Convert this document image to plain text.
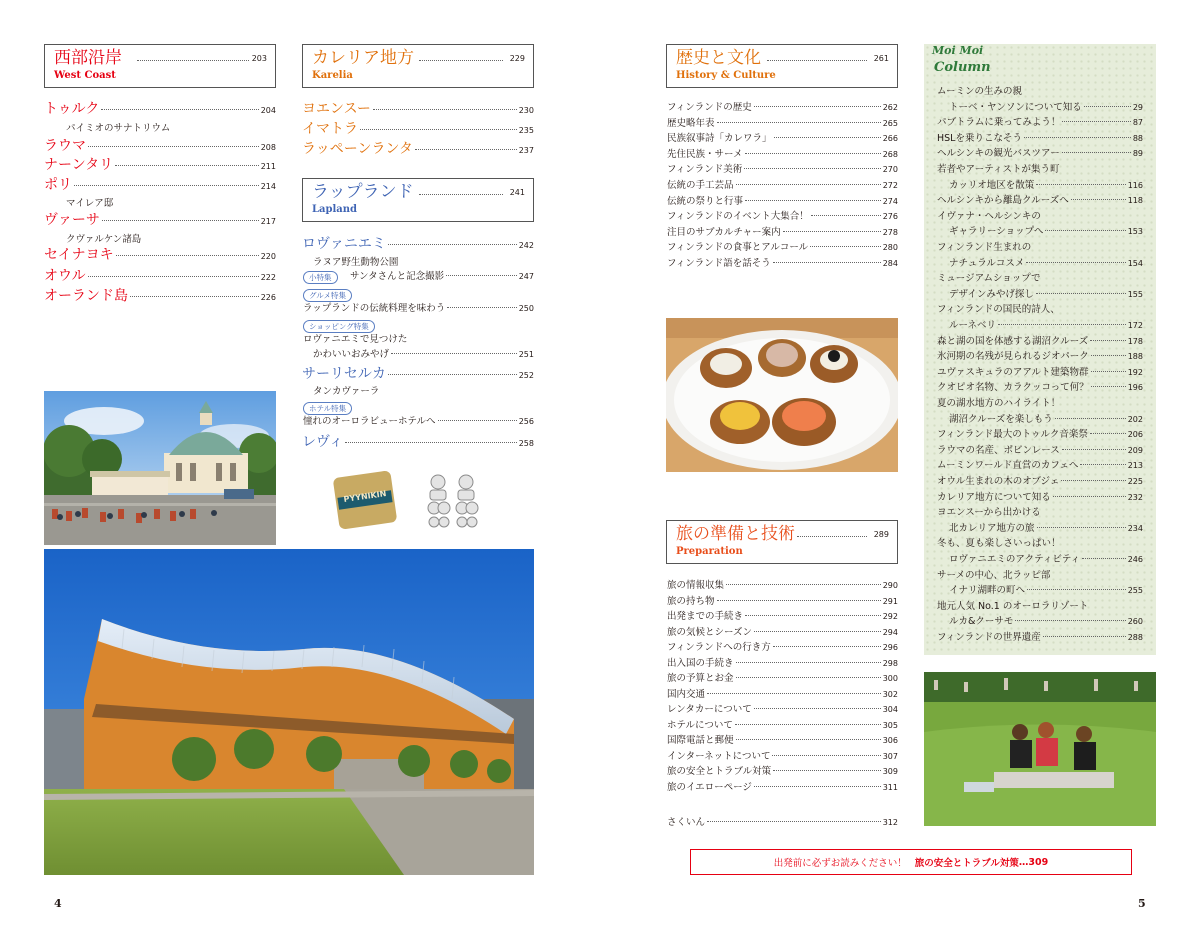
西部沿岸	203
West Coast
カレリア地方	229
Karelia
ラップランド	241
Lapland
PYYNIKIN
4
歴史と文化	261
History & Culture
旅の準備と技術	289
Preparation
Moi Moi
Column
出発前に必ずお読みください！ 旅の安全とトラブル対策 …309
5
トゥルク	204
パイミオのサナトリウム
ラウマ	208
ナーンタリ	211
ポリ	214
マイレア邸
ヴァーサ	217
クヴァルケン諸島
セイナヨキ	220
オウル	222
オーランド島	226
ヨエンスー	230
イマトラ	235
ラッペーンランタ	237
ロヴァニエミ	242
ラヌア野生動物公園
小特集	サンタさんと記念撮影	247
グルメ特集
ラップランドの伝統料理を味わう	250
ショッピング特集
ロヴァニエミで見つけた
かわいいおみやげ	251
サーリセルカ	252
タンカヴァーラ
ホテル特集
憧れのオーロラビューホテルへ	256
レヴィ	258
フィンランドの歴史	262
歴史略年表	265
民族叙事詩「カレワラ」	266
先住民族・サーメ	268
フィンランド美術	270
伝統の手工芸品	272
伝統の祭りと行事	274
フィンランドのイベント大集合！	276
注目のサブカルチャー案内	278
フィンランドの食事とアルコール	280
フィンランド語を話そう	284
旅の情報収集	290
旅の持ち物	291
出発までの手続き	292
旅の気候とシーズン	294
フィンランドへの行き方	296
出入国の手続き	298
旅の予算とお金	300
国内交通	302
レンタカーについて	304
ホテルについて	305
国際電話と郵便	306
インターネットについて	307
旅の安全とトラブル対策	309
旅のイエローページ	311
さくいん	312
ムーミンの生みの親
トーベ・ヤンソンについて知る	29
パブトラムに乗ってみよう！	87
HSLを乗りこなそう	88
ヘルシンキの観光バスツアー	89
若者やアーティストが集う町
カッリオ地区を散策	116
ヘルシンキから離島クルーズへ	118
イヴァナ・ヘルシンキの
ギャラリーショップへ	153
フィンランド生まれの
ナチュラルコスメ	154
ミュージアムショップで
デザインみやげ探し	155
フィンランドの国民的詩人、
ルーネベリ	172
森と湖の国を体感する湖沼クルーズ	178
氷河期の名残が見られるジオパーク	188
ユヴァスキュラのアアルト建築物群	192
クオピオ名物、カラクッコって何？	196
夏の湖水地方のハイライト！
湖沼クルーズを楽しもう	202
フィンランド最大のトゥルク音楽祭	206
ラウマの名産、ボビンレース	209
ムーミンワールド直営のカフェへ	213
オウル生まれの木のオブジェ	225
カレリア地方について知る	232
ヨエンスーから出かける
北カレリア地方の旅	234
冬も、夏も楽しさいっぱい！
ロヴァニエミのアクティビティ	246
サーメの中心、北ラッピ部
イナリ湖畔の町へ	255
地元人気 No.1 のオーロラリゾート
ルカ&クーサモ	260
フィンランドの世界遺産	288
